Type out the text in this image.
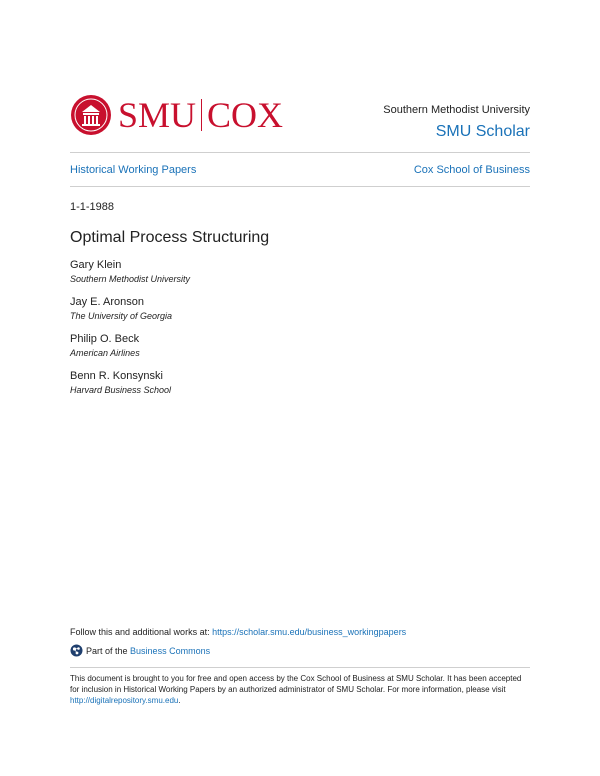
SMU COX	Southern Methodist University
SMU Scholar
Historical Working Papers	Cox School of Business
1-1-1988
Optimal Process Structuring
Gary Klein
Southern Methodist University
Jay E. Aronson
The University of Georgia
Philip O. Beck
American Airlines
Benn R. Konsynski
Harvard Business School
Follow this and additional works at: https://scholar.smu.edu/business_workingpapers
Part of the
Business Commons
This document is brought to you for free and open access by the Cox School of Business at SMU Scholar. It has been accepted for inclusion in Historical Working Papers by an authorized administrator of SMU Scholar. For more information, please visit http://digitalrepository.smu.edu.
